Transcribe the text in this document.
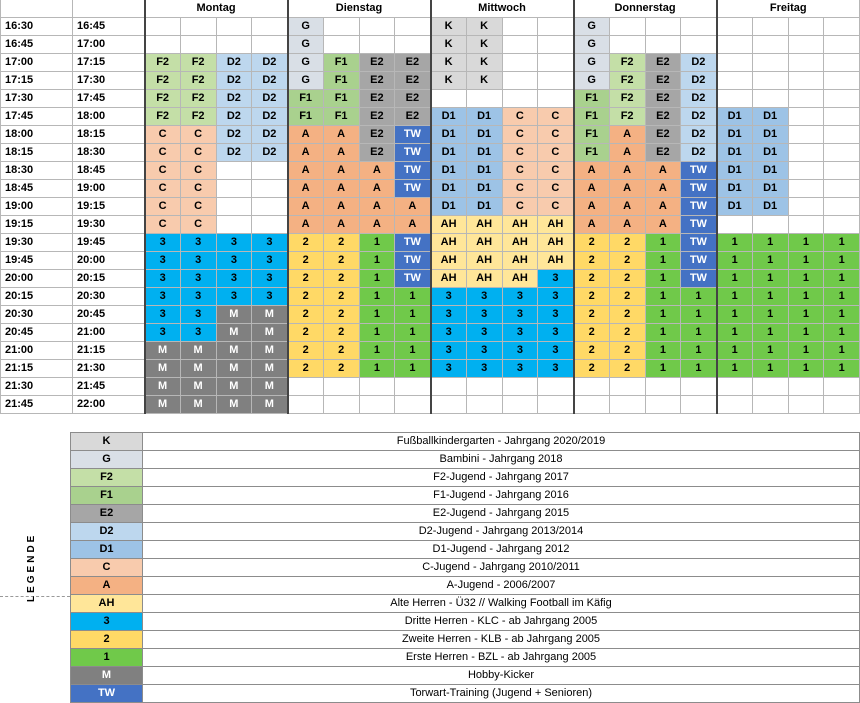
		Montag				Dienstag				Mittwoch				Donnerstag				Freitag			
16:30	16:45					G				K	K			G							
16:45	17:00					G				K	K			G							
17:00	17:15	F2	F2	D2	D2	G	F1	E2	E2	K	K			G	F2	E2	D2				
17:15	17:30	F2	F2	D2	D2	G	F1	E2	E2	K	K			G	F2	E2	D2				
17:30	17:45	F2	F2	D2	D2	F1	F1	E2	E2					F1	F2	E2	D2				
17:45	18:00	F2	F2	D2	D2	F1	F1	E2	E2	D1	D1	C	C	F1	F2	E2	D2	D1	D1		
18:00	18:15	C	C	D2	D2	A	A	E2	TW	D1	D1	C	C	F1	A	E2	D2	D1	D1		
18:15	18:30	C	C	D2	D2	A	A	E2	TW	D1	D1	C	C	F1	A	E2	D2	D1	D1		
18:30	18:45	C	C			A	A	A	TW	D1	D1	C	C	A	A	A	TW	D1	D1		
18:45	19:00	C	C			A	A	A	TW	D1	D1	C	C	A	A	A	TW	D1	D1		
19:00	19:15	C	C			A	A	A	A	D1	D1	C	C	A	A	A	TW	D1	D1		
19:15	19:30	C	C			A	A	A	A	AH	AH	AH	AH	A	A	A	TW				
19:30	19:45	3	3	3	3	2	2	1	TW	AH	AH	AH	AH	2	2	1	TW	1	1	1	1
19:45	20:00	3	3	3	3	2	2	1	TW	AH	AH	AH	AH	2	2	1	TW	1	1	1	1
20:00	20:15	3	3	3	3	2	2	1	TW	AH	AH	AH	3	2	2	1	TW	1	1	1	1
20:15	20:30	3	3	3	3	2	2	1	1	3	3	3	3	2	2	1	1	1	1	1	1
20:30	20:45	3	3	M	M	2	2	1	1	3	3	3	3	2	2	1	1	1	1	1	1
20:45	21:00	3	3	M	M	2	2	1	1	3	3	3	3	2	2	1	1	1	1	1	1
21:00	21:15	M	M	M	M	2	2	1	1	3	3	3	3	2	2	1	1	1	1	1	1
21:15	21:30	M	M	M	M	2	2	1	1	3	3	3	3	2	2	1	1	1	1	1	1
21:30	21:45	M	M	M	M																
21:45	22:00	M	M	M	M																
LEGENDE
K	Fußballkindergarten - Jahrgang 2020/2019
G	Bambini - Jahrgang 2018
F2	F2-Jugend - Jahrgang 2017
F1	F1-Jugend - Jahrgang 2016
E2	E2-Jugend - Jahrgang 2015
D2	D2-Jugend - Jahrgang 2013/2014
D1	D1-Jugend - Jahrgang 2012
C	C-Jugend - Jahrgang 2010/2011
A	A-Jugend - 2006/2007
AH	Alte Herren - Ü32 // Walking Football im Käfig
3	Dritte Herren - KLC - ab Jahrgang 2005
2	Zweite Herren - KLB - ab Jahrgang 2005
1	Erste Herren - BZL - ab Jahrgang 2005
M	Hobby-Kicker
TW	Torwart-Training (Jugend + Senioren)
